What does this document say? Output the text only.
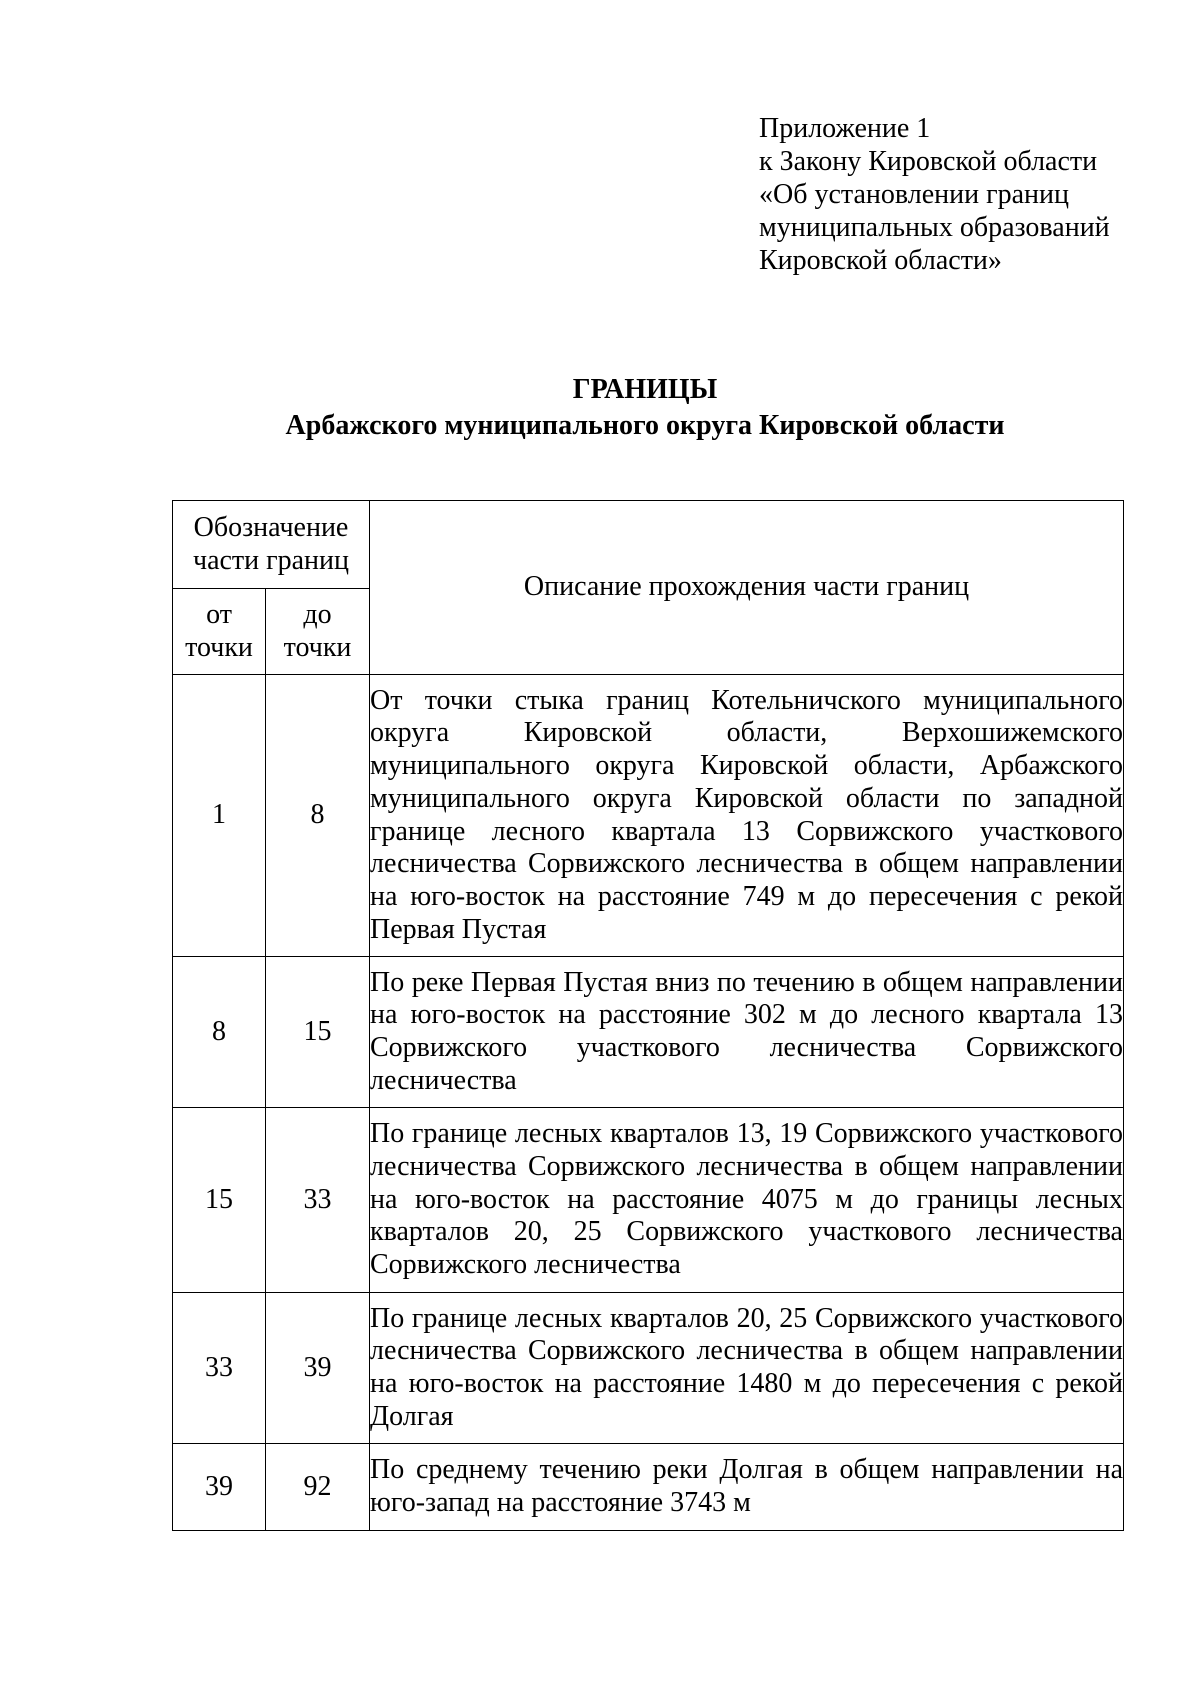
Приложение 1
к Закону Кировской области
«Об установлении границ
муниципальных образований
Кировской области»
ГРАНИЦЫ
Арбажского муниципального округа Кировской области
Обозначение части границ		Описание прохождения части границ
от точки	до точки	
1	8	От точки стыка границ Котельничского муниципального округа Кировской области, Верхошижемского муниципального округа Кировской области, Арбажского муниципального округа Кировской области по западной границе лесного квартала 13 Сорвижского участкового лесничества Сорвижского лесничества в общем направлении на юго-восток на расстояние 749 м до пересечения с рекой Первая Пустая
8	15	По реке Первая Пустая вниз по течению в общем направлении на юго-восток на расстояние 302 м до лесного квартала 13 Сорвижского участкового лесничества Сорвижского лесничества
15	33	По границе лесных кварталов 13, 19 Сорвижского участкового лесничества Сорвижского лесничества в общем направлении на юго-восток на расстояние 4075 м до границы лесных кварталов 20, 25 Сорвижского участкового лесничества Сорвижского лесничества
33	39	По границе лесных кварталов 20, 25 Сорвижского участкового лесничества Сорвижского лесничества в общем направлении на юго-восток на расстояние 1480 м до пересечения с рекой Долгая
39	92	По среднему течению реки Долгая в общем направлении на юго-запад на расстояние 3743 м
